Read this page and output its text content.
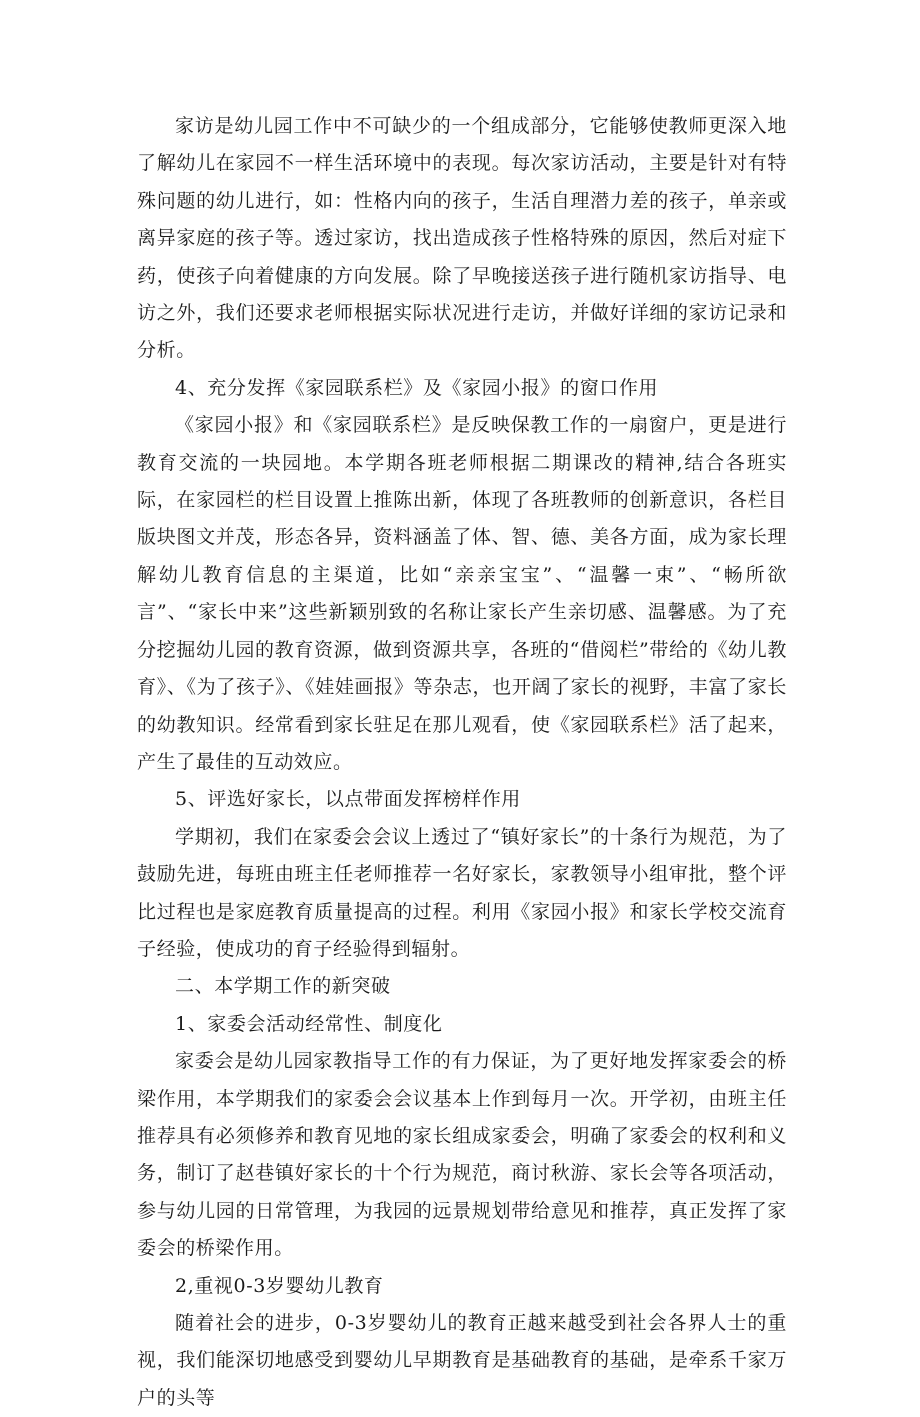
家访是幼儿园工作中不可缺少的一个组成部分，它能够使教师更深入地了解幼儿在家园不一样生活环境中的表现。每次家访活动，主要是针对有特殊问题的幼儿进行，如：性格内向的孩子，生活自理潜力差的孩子，单亲或离异家庭的孩子等。透过家访，找出造成孩子性格特殊的原因，然后对症下药，使孩子向着健康的方向发展。除了早晚接送孩子进行随机家访指导、电访之外，我们还要求老师根据实际状况进行走访，并做好详细的家访记录和分析。

4、充分发挥《家园联系栏》及《家园小报》的窗口作用

《家园小报》和《家园联系栏》是反映保教工作的一扇窗户，更是进行教育交流的一块园地。本学期各班老师根据二期课改的精神,结合各班实际，在家园栏的栏目设置上推陈出新，体现了各班教师的创新意识，各栏目版块图文并茂，形态各异，资料涵盖了体、智、德、美各方面，成为家长理解幼儿教育信息的主渠道，比如“亲亲宝宝”、“温馨一束”、“畅所欲言”、“家长中来”这些新颖别致的名称让家长产生亲切感、温馨感。为了充分挖掘幼儿园的教育资源，做到资源共享，各班的“借阅栏”带给的《幼儿教育》、《为了孩子》、《娃娃画报》等杂志，也开阔了家长的视野，丰富了家长的幼教知识。经常看到家长驻足在那儿观看，使《家园联系栏》活了起来，产生了最佳的互动效应。

5、评选好家长，以点带面发挥榜样作用

学期初，我们在家委会会议上透过了“镇好家长”的十条行为规范，为了鼓励先进，每班由班主任老师推荐一名好家长，家教领导小组审批，整个评比过程也是家庭教育质量提高的过程。利用《家园小报》和家长学校交流育子经验，使成功的育子经验得到辐射。

二、本学期工作的新突破

1、家委会活动经常性、制度化

家委会是幼儿园家教指导工作的有力保证，为了更好地发挥家委会的桥梁作用，本学期我们的家委会会议基本上作到每月一次。开学初，由班主任推荐具有必须修养和教育见地的家长组成家委会，明确了家委会的权利和义务，制订了赵巷镇好家长的十个行为规范，商讨秋游、家长会等各项活动，参与幼儿园的日常管理，为我园的远景规划带给意见和推荐，真正发挥了家委会的桥梁作用。

2,重视0-3岁婴幼儿教育

随着社会的进步，0-3岁婴幼儿的教育正越来越受到社会各界人士的重视，我们能深切地感受到婴幼儿早期教育是基础教育的基础，是牵系千家万户的头等
